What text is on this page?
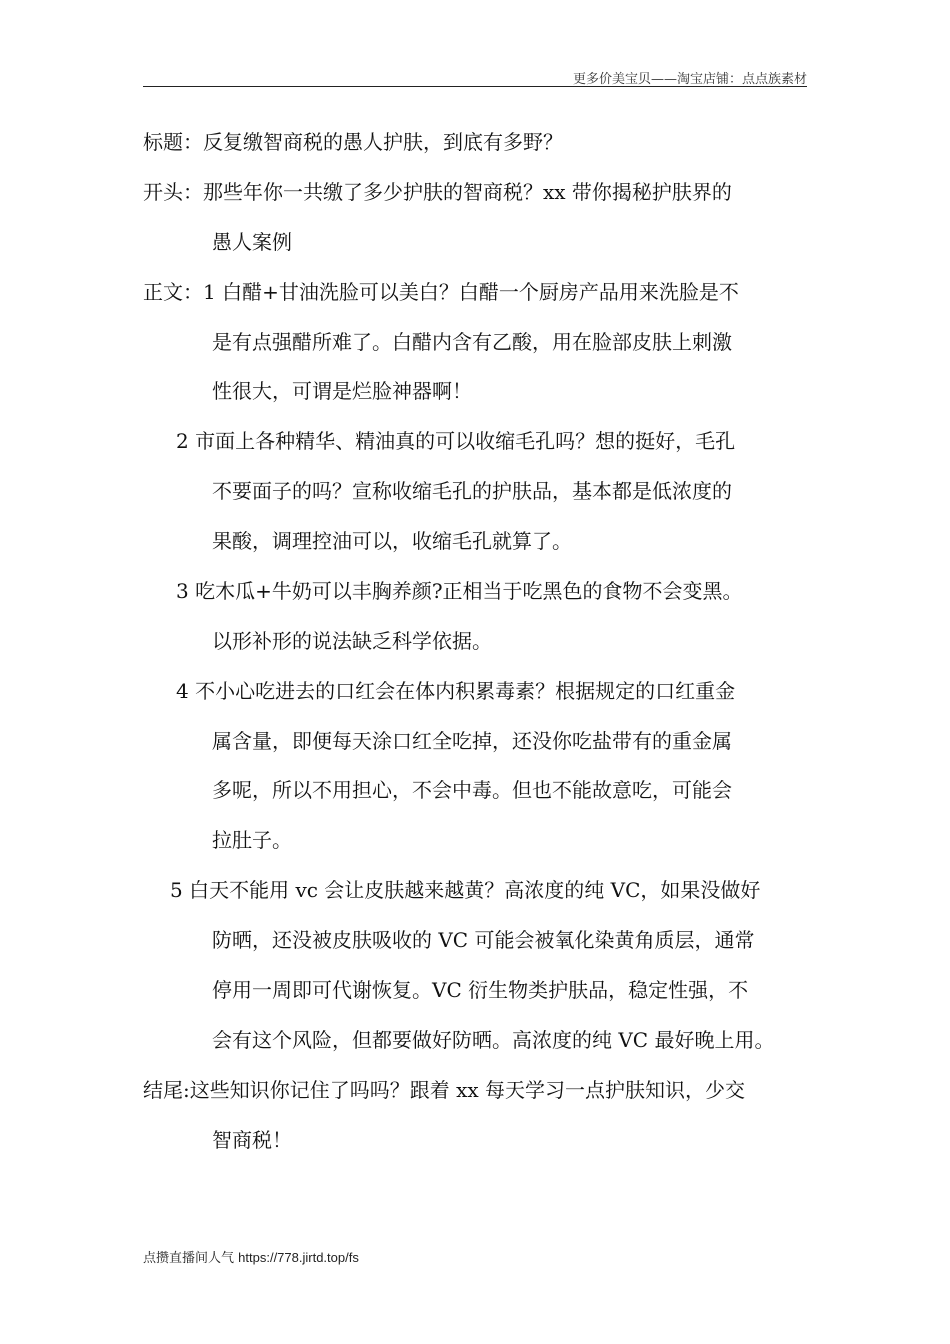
更多价美宝贝——淘宝店铺：点点族素材
标题：反复缴智商税的愚人护肤，到底有多野？
开头：那些年你一共缴了多少护肤的智商税？xx 带你揭秘护肤界的
愚人案例
正文：1 白醋+甘油洗脸可以美白？白醋一个厨房产品用来洗脸是不
是有点强醋所难了。白醋内含有乙酸，用在脸部皮肤上刺激
性很大，可谓是烂脸神器啊！
2 市面上各种精华、精油真的可以收缩毛孔吗？想的挺好，毛孔
不要面子的吗？宣称收缩毛孔的护肤品，基本都是低浓度的
果酸，调理控油可以，收缩毛孔就算了。
3 吃木瓜+牛奶可以丰胸养颜?正相当于吃黑色的食物不会变黑。
以形补形的说法缺乏科学依据。
4 不小心吃进去的口红会在体内积累毒素？根据规定的口红重金
属含量，即便每天涂口红全吃掉，还没你吃盐带有的重金属
多呢，所以不用担心，不会中毒。但也不能故意吃，可能会
拉肚子。
5 白天不能用 vc 会让皮肤越来越黄？高浓度的纯 VC，如果没做好
防晒，还没被皮肤吸收的 VC 可能会被氧化染黄角质层，通常
停用一周即可代谢恢复。VC 衍生物类护肤品，稳定性强，不
会有这个风险，但都要做好防晒。高浓度的纯 VC 最好晚上用。
结尾:这些知识你记住了吗吗？跟着 xx 每天学习一点护肤知识，少交
智商税！
点攒直播间人气 https://778.jirtd.top/fs
